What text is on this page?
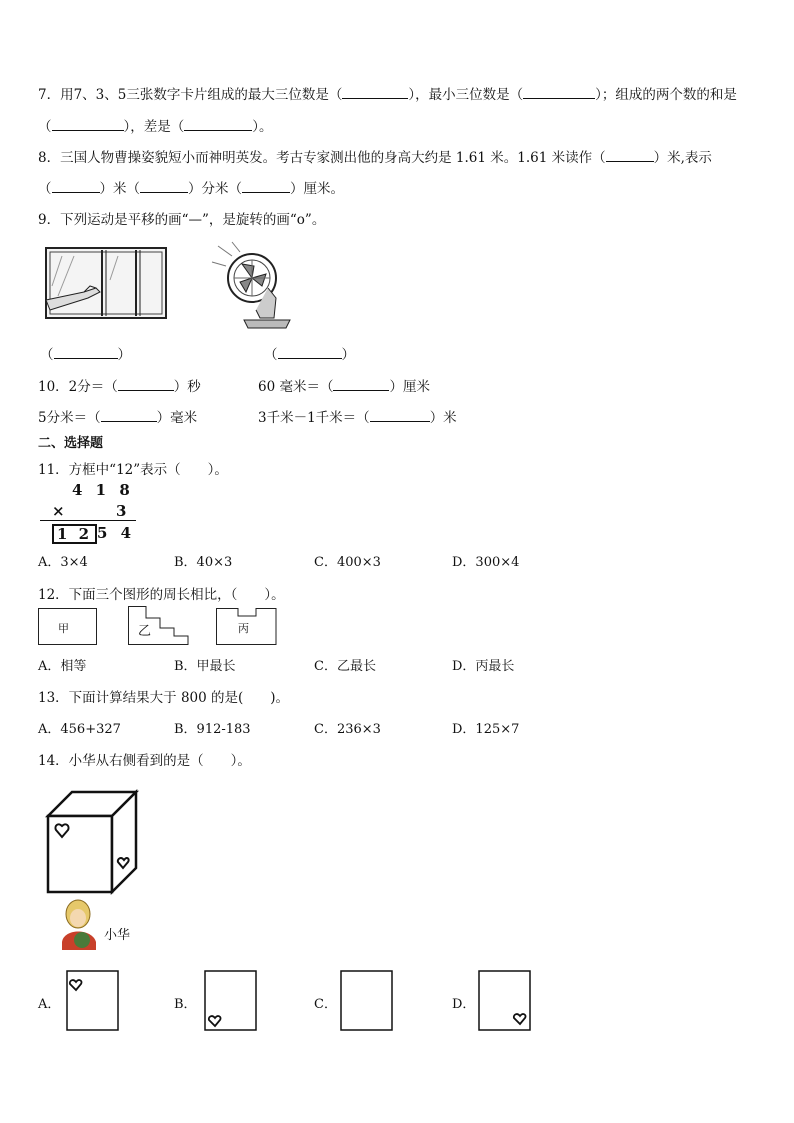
7．用7、3、5三张数字卡片组成的最大三位数是（	），最小三位数是（	）；组成的两个数的和是
（	），差是（	）。
8．三国人物曹操姿貌短小而神明英发。考古专家测出他的身高大约是 1.61 米。1.61 米读作（	）米,表示
（	）米（	）分米（	）厘米。
9．下列运动是平移的画“—”，是旋转的画“o”。
（	）	（	）
10．2分＝（	）秒	60 毫米＝（	）厘米
5分米＝（	）毫米	3千米－1千米＝（	）米
二、选择题
11．方框中“12”表示（　　）。
4 1 8
×	3
1 2 5 4
A．3×4	B．40×3	C．400×3	D．300×4
12．下面三个图形的周长相比，（　　）。
甲	乙	丙
A．相等	B．甲最长	C．乙最长	D．丙最长
13．下面计算结果大于 800 的是(　　)。
A．456+327	B．912-183	C．236×3	D．125×7
14．小华从右侧看到的是（　　）。
小华
A．	B．	C．	D．
